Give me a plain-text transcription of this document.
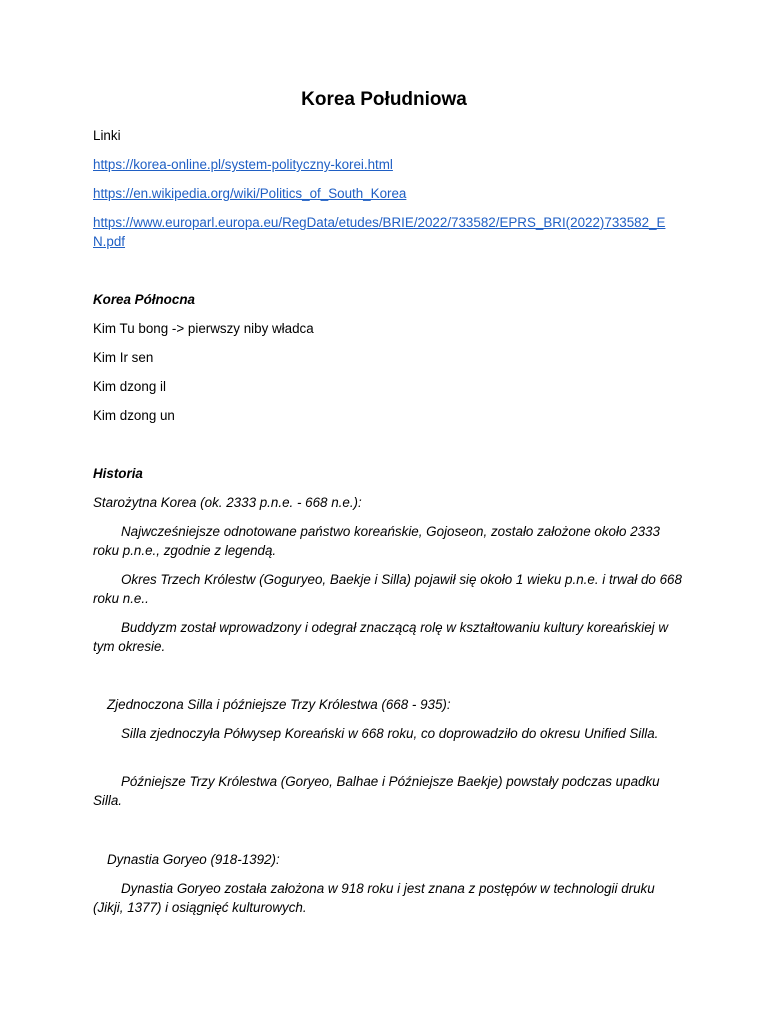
Korea Południowa
Linki
https://korea-online.pl/system-polityczny-korei.html
https://en.wikipedia.org/wiki/Politics_of_South_Korea
https://www.europarl.europa.eu/RegData/etudes/BRIE/2022/733582/EPRS_BRI(2022)733582_EN.pdf
Korea Północna
Kim Tu bong -> pierwszy niby władca
Kim Ir sen
Kim dzong il
Kim dzong un
Historia
Starożytna Korea (ok. 2333 p.n.e. - 668 n.e.):
Najwcześniejsze odnotowane państwo koreańskie, Gojoseon, zostało założone około 2333 roku p.n.e., zgodnie z legendą.
Okres Trzech Królestw (Goguryeo, Baekje i Silla) pojawił się około 1 wieku p.n.e. i trwał do 668 roku n.e..
Buddyzm został wprowadzony i odegrał znaczącą rolę w kształtowaniu kultury koreańskiej w tym okresie.
Zjednoczona Silla i późniejsze Trzy Królestwa (668 - 935):
Silla zjednoczyła Półwysep Koreański w 668 roku, co doprowadziło do okresu Unified Silla.
Późniejsze Trzy Królestwa (Goryeo, Balhae i Późniejsze Baekje) powstały podczas upadku Silla.
Dynastia Goryeo (918-1392):
Dynastia Goryeo została założona w 918 roku i jest znana z postępów w technologii druku (Jikji, 1377) i osiągnięć kulturowych.
